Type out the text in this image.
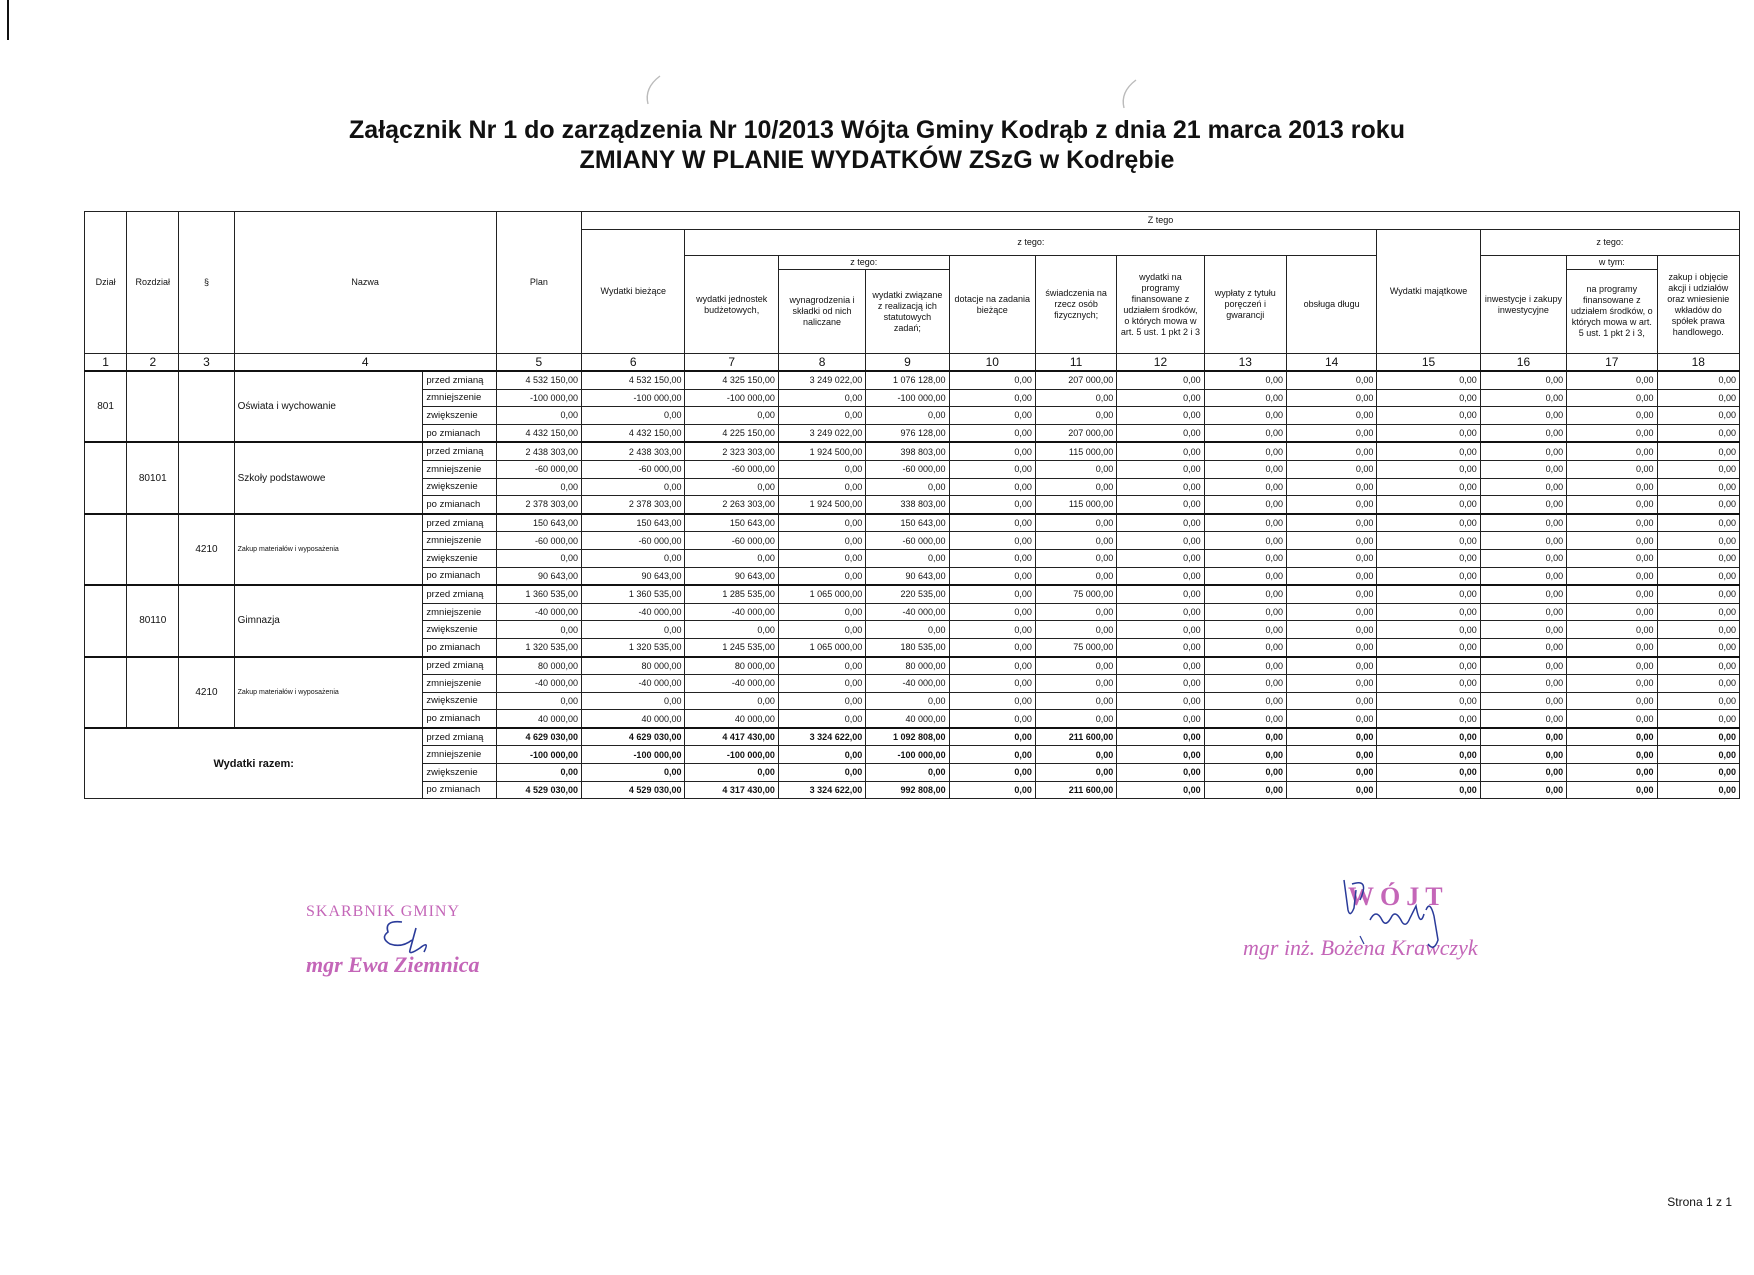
Załącznik Nr 1 do zarządzenia Nr 10/2013 Wójta Gminy Kodrąb z dnia 21 marca 2013 roku
ZMIANY W PLANIE WYDATKÓW ZSzG w Kodrębie
Dział	Rozdział	§	Nazwa		Plan	Z tego												
						Wydatki bieżące	z tego:								Wydatki majątkowe	z tego:		
							wydatki jednostek budżetowych,	z tego:		dotacje na zadania bieżące	świadczenia na rzecz osób fizycznych;	wydatki na programy finansowane z udziałem środków, o których mowa w art. 5 ust. 1 pkt 2 i 3	wypłaty z tytułu poręczeń i gwarancji	obsługa długu		inwestycje i zakupy inwestycyjne	w tym:	zakup i objęcie akcji i udziałów oraz wniesienie wkładów do spółek prawa handlowego.
								wynagrodzenia i składki od nich naliczane	wydatki związane z realizacją ich statutowych zadań;								na programy finansowane z udziałem środków, o których mowa w art. 5 ust. 1 pkt 2 i 3,	
1	2	3	4		5	6	7	8	9	10	11	12	13	14	15	16	17	18
801			Oświata i wychowanie	przed zmianą	4 532 150,00	4 532 150,00	4 325 150,00	3 249 022,00	1 076 128,00	0,00	207 000,00	0,00	0,00	0,00	0,00	0,00	0,00	0,00
				zmniejszenie	-100 000,00	-100 000,00	-100 000,00	0,00	-100 000,00	0,00	0,00	0,00	0,00	0,00	0,00	0,00	0,00	0,00
				zwiększenie	0,00	0,00	0,00	0,00	0,00	0,00	0,00	0,00	0,00	0,00	0,00	0,00	0,00	0,00
				po zmianach	4 432 150,00	4 432 150,00	4 225 150,00	3 249 022,00	976 128,00	0,00	207 000,00	0,00	0,00	0,00	0,00	0,00	0,00	0,00
	80101		Szkoły podstawowe	przed zmianą	2 438 303,00	2 438 303,00	2 323 303,00	1 924 500,00	398 803,00	0,00	115 000,00	0,00	0,00	0,00	0,00	0,00	0,00	0,00
				zmniejszenie	-60 000,00	-60 000,00	-60 000,00	0,00	-60 000,00	0,00	0,00	0,00	0,00	0,00	0,00	0,00	0,00	0,00
				zwiększenie	0,00	0,00	0,00	0,00	0,00	0,00	0,00	0,00	0,00	0,00	0,00	0,00	0,00	0,00
				po zmianach	2 378 303,00	2 378 303,00	2 263 303,00	1 924 500,00	338 803,00	0,00	115 000,00	0,00	0,00	0,00	0,00	0,00	0,00	0,00
		4210	Zakup materiałów i wyposażenia	przed zmianą	150 643,00	150 643,00	150 643,00	0,00	150 643,00	0,00	0,00	0,00	0,00	0,00	0,00	0,00	0,00	0,00
				zmniejszenie	-60 000,00	-60 000,00	-60 000,00	0,00	-60 000,00	0,00	0,00	0,00	0,00	0,00	0,00	0,00	0,00	0,00
				zwiększenie	0,00	0,00	0,00	0,00	0,00	0,00	0,00	0,00	0,00	0,00	0,00	0,00	0,00	0,00
				po zmianach	90 643,00	90 643,00	90 643,00	0,00	90 643,00	0,00	0,00	0,00	0,00	0,00	0,00	0,00	0,00	0,00
	80110		Gimnazja	przed zmianą	1 360 535,00	1 360 535,00	1 285 535,00	1 065 000,00	220 535,00	0,00	75 000,00	0,00	0,00	0,00	0,00	0,00	0,00	0,00
				zmniejszenie	-40 000,00	-40 000,00	-40 000,00	0,00	-40 000,00	0,00	0,00	0,00	0,00	0,00	0,00	0,00	0,00	0,00
				zwiększenie	0,00	0,00	0,00	0,00	0,00	0,00	0,00	0,00	0,00	0,00	0,00	0,00	0,00	0,00
				po zmianach	1 320 535,00	1 320 535,00	1 245 535,00	1 065 000,00	180 535,00	0,00	75 000,00	0,00	0,00	0,00	0,00	0,00	0,00	0,00
		4210	Zakup materiałów i wyposażenia	przed zmianą	80 000,00	80 000,00	80 000,00	0,00	80 000,00	0,00	0,00	0,00	0,00	0,00	0,00	0,00	0,00	0,00
				zmniejszenie	-40 000,00	-40 000,00	-40 000,00	0,00	-40 000,00	0,00	0,00	0,00	0,00	0,00	0,00	0,00	0,00	0,00
				zwiększenie	0,00	0,00	0,00	0,00	0,00	0,00	0,00	0,00	0,00	0,00	0,00	0,00	0,00	0,00
				po zmianach	40 000,00	40 000,00	40 000,00	0,00	40 000,00	0,00	0,00	0,00	0,00	0,00	0,00	0,00	0,00	0,00
Wydatki razem:				przed zmianą	4 629 030,00	4 629 030,00	4 417 430,00	3 324 622,00	1 092 808,00	0,00	211 600,00	0,00	0,00	0,00	0,00	0,00	0,00	0,00
				zmniejszenie	-100 000,00	-100 000,00	-100 000,00	0,00	-100 000,00	0,00	0,00	0,00	0,00	0,00	0,00	0,00	0,00	0,00
				zwiększenie	0,00	0,00	0,00	0,00	0,00	0,00	0,00	0,00	0,00	0,00	0,00	0,00	0,00	0,00
				po zmianach	4 529 030,00	4 529 030,00	4 317 430,00	3 324 622,00	992 808,00	0,00	211 600,00	0,00	0,00	0,00	0,00	0,00	0,00	0,00
SKARBNIK GMINY
mgr Ewa Ziemnica
WÓJT
mgr inż. Bożena Krawczyk
Strona 1 z 1
